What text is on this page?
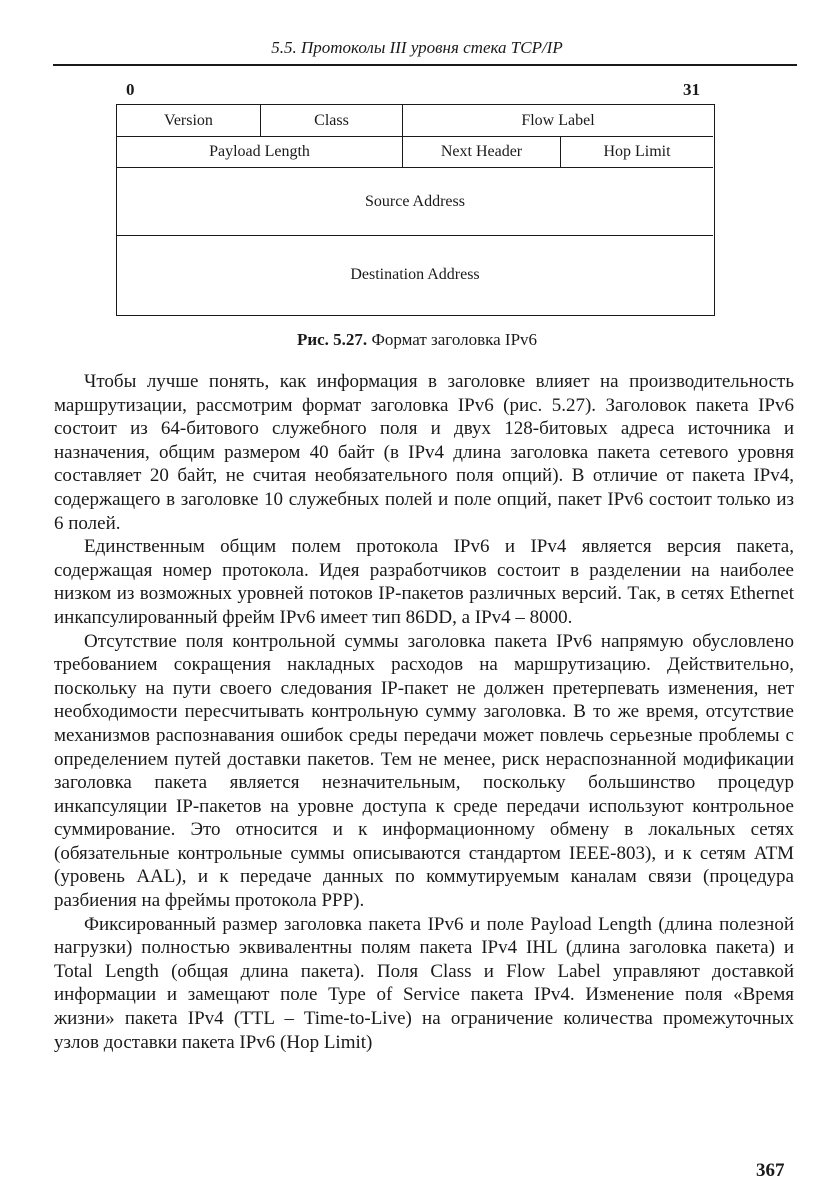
5.5. Протоколы III уровня стека TCP/IP
0	31
Version	Class	Flow Label
Payload Length	Next Header	Hop Limit
Source Address
Destination Address
Рис. 5.27. Формат заголовка IPv6

Чтобы лучше понять, как информация в заголовке влияет на производительность маршрутизации, рассмотрим формат заголовка IPv6 (рис. 5.27). Заголовок пакета IPv6 состоит из 64-битового служебного поля и двух 128-битовых адреса источника и назначения, общим размером 40 байт (в IPv4 длина заголовка пакета сетевого уровня составляет 20 байт, не считая необязательного поля опций). В отличие от пакета IPv4, содержащего в заголовке 10 служебных полей и поле опций, пакет IPv6 состоит только из 6 полей.

Единственным общим полем протокола IPv6 и IPv4 является версия пакета, содержащая номер протокола. Идея разработчиков состоит в разделении на наиболее низком из возможных уровней потоков IP-пакетов различных версий. Так, в сетях Ethernet инкапсулированный фрейм IPv6 имеет тип 86DD, а IPv4 – 8000.

Отсутствие поля контрольной суммы заголовка пакета IPv6 напрямую обусловлено требованием сокращения накладных расходов на маршрутизацию. Действительно, поскольку на пути своего следования IP-пакет не должен претерпевать изменения, нет необходимости пересчитывать контрольную сумму заголовка. В то же время, отсутствие механизмов распознавания ошибок среды передачи может повлечь серьезные проблемы с определением путей доставки пакетов. Тем не менее, риск нераспознанной модификации заголовка пакета является незначительным, поскольку большинство процедур инкапсуляции IP-пакетов на уровне доступа к среде передачи используют контрольное суммирование. Это относится и к информационному обмену в локальных сетях (обязательные контрольные суммы описываются стандартом IEEE-803), и к сетям ATM (уровень AAL), и к передаче данных по коммутируемым каналам связи (процедура разбиения на фреймы протокола PPP).

Фиксированный размер заголовка пакета IPv6 и поле Payload Length (длина полезной нагрузки) полностью эквивалентны полям пакета IPv4 IHL (длина заголовка пакета) и Total Length (общая длина пакета). Поля Class и Flow Label управляют доставкой информации и замещают поле Type of Service пакета IPv4. Изменение поля «Время жизни» пакета IPv4 (TTL – Time-to-Live) на ограничение количества промежуточных узлов доставки пакета IPv6 (Hop Limit)

367
